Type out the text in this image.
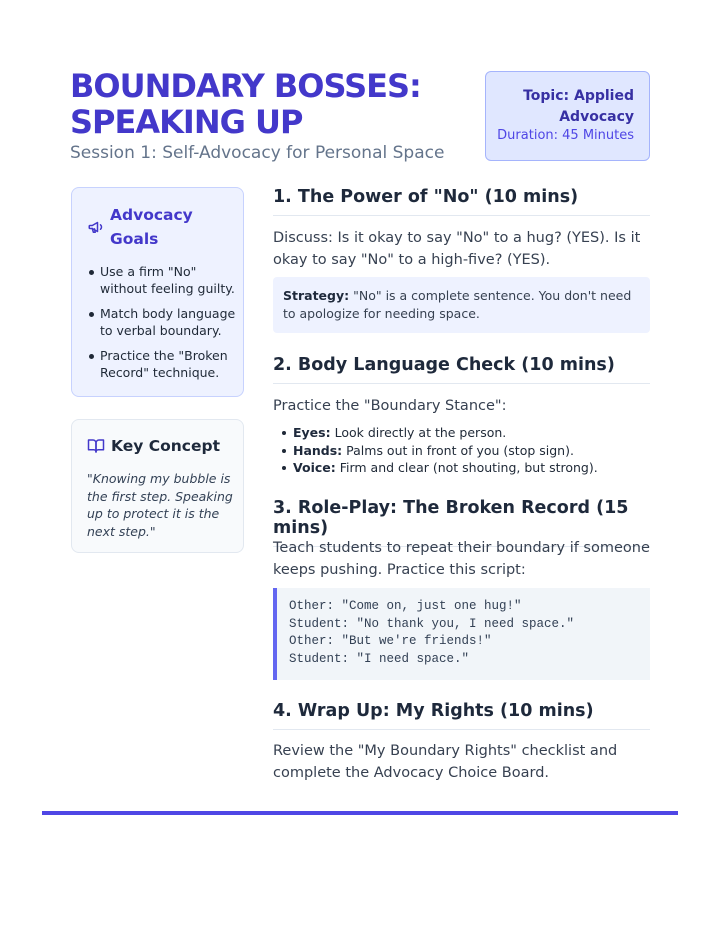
BOUNDARY BOSSES: SPEAKING UP
Session 1: Self-Advocacy for Personal Space
Topic: Applied Advocacy
Duration: 45 Minutes
Advocacy Goals
Use a firm "No" without feeling guilty.
Match body language to verbal boundary.
Practice the "Broken Record" technique.
Key Concept
"Knowing my bubble is the first step. Speaking up to protect it is the next step."
1. The Power of "No" (10 mins)
Discuss: Is it okay to say "No" to a hug? (YES). Is it okay to say "No" to a high-five? (YES).
Strategy: "No" is a complete sentence. You don't need to apologize for needing space.
2. Body Language Check (10 mins)
Practice the "Boundary Stance":
Eyes: Look directly at the person.
Hands: Palms out in front of you (stop sign).
Voice: Firm and clear (not shouting, but strong).
3. Role-Play: The Broken Record (15 mins)
Teach students to repeat their boundary if someone keeps pushing. Practice this script:
Other: "Come on, just one hug!"
Student: "No thank you, I need space."
Other: "But we're friends!"
Student: "I need space."
4. Wrap Up: My Rights (10 mins)
Review the "My Boundary Rights" checklist and complete the Advocacy Choice Board.
